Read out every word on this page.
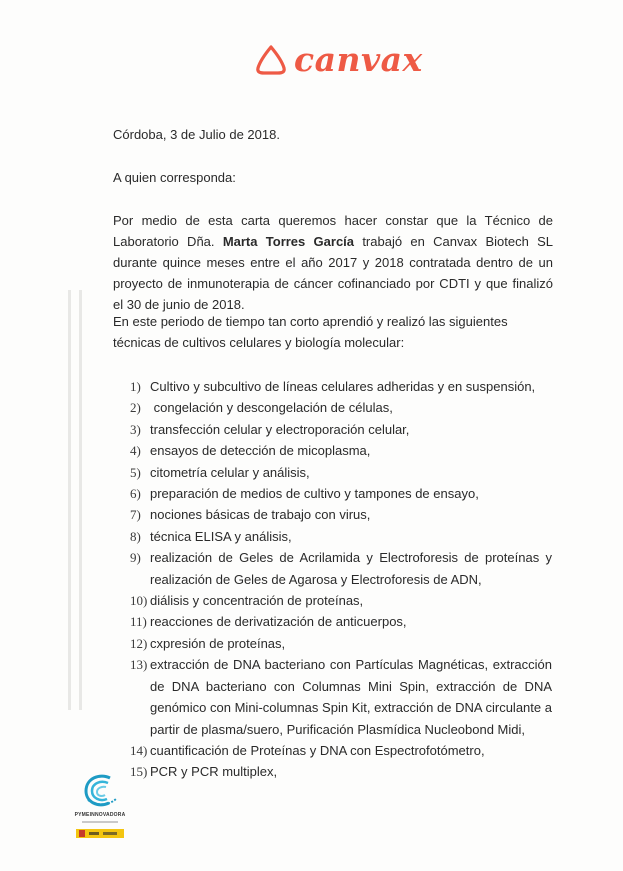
canvax

Córdoba, 3 de Julio de 2018.

A quien corresponda:

Por medio de esta carta queremos hacer constar que la Técnico de Laboratorio Dña. Marta Torres García trabajó en Canvax Biotech SL durante quince meses entre el año 2017 y 2018 contratada dentro de un proyecto de inmunoterapia de cáncer cofinanciado por CDTI y que finalizó el 30 de junio de 2018.

En este periodo de tiempo tan corto aprendió y realizó las siguientes técnicas de cultivos celulares y biología molecular:

1) Cultivo y subcultivo de líneas celulares adheridas y en suspensión,
2) congelación y descongelación de células,
3) transfección celular y electroporación celular,
4) ensayos de detección de micoplasma,
5) citometría celular y análisis,
6) preparación de medios de cultivo y tampones de ensayo,
7) nociones básicas de trabajo con virus,
8) técnica ELISA y análisis,
9) realización de Geles de Acrilamida y Electroforesis de proteínas y realización de Geles de Agarosa y Electroforesis de ADN,
10) diálisis y concentración de proteínas,
11) reacciones de derivatización de anticuerpos,
12) cxpresión de proteínas,
13) extracción de DNA bacteriano con Partículas Magnéticas, extracción de DNA bacteriano con Columnas Mini Spin, extracción de DNA genómico con Mini-columnas Spin Kit, extracción de DNA circulante a partir de plasma/suero, Purificación Plasmídica Nucleobond Midi,
14) cuantificación de Proteínas y DNA con Espectrofotómetro,
15) PCR y PCR multiplex,
PYMEINNOVADORA
